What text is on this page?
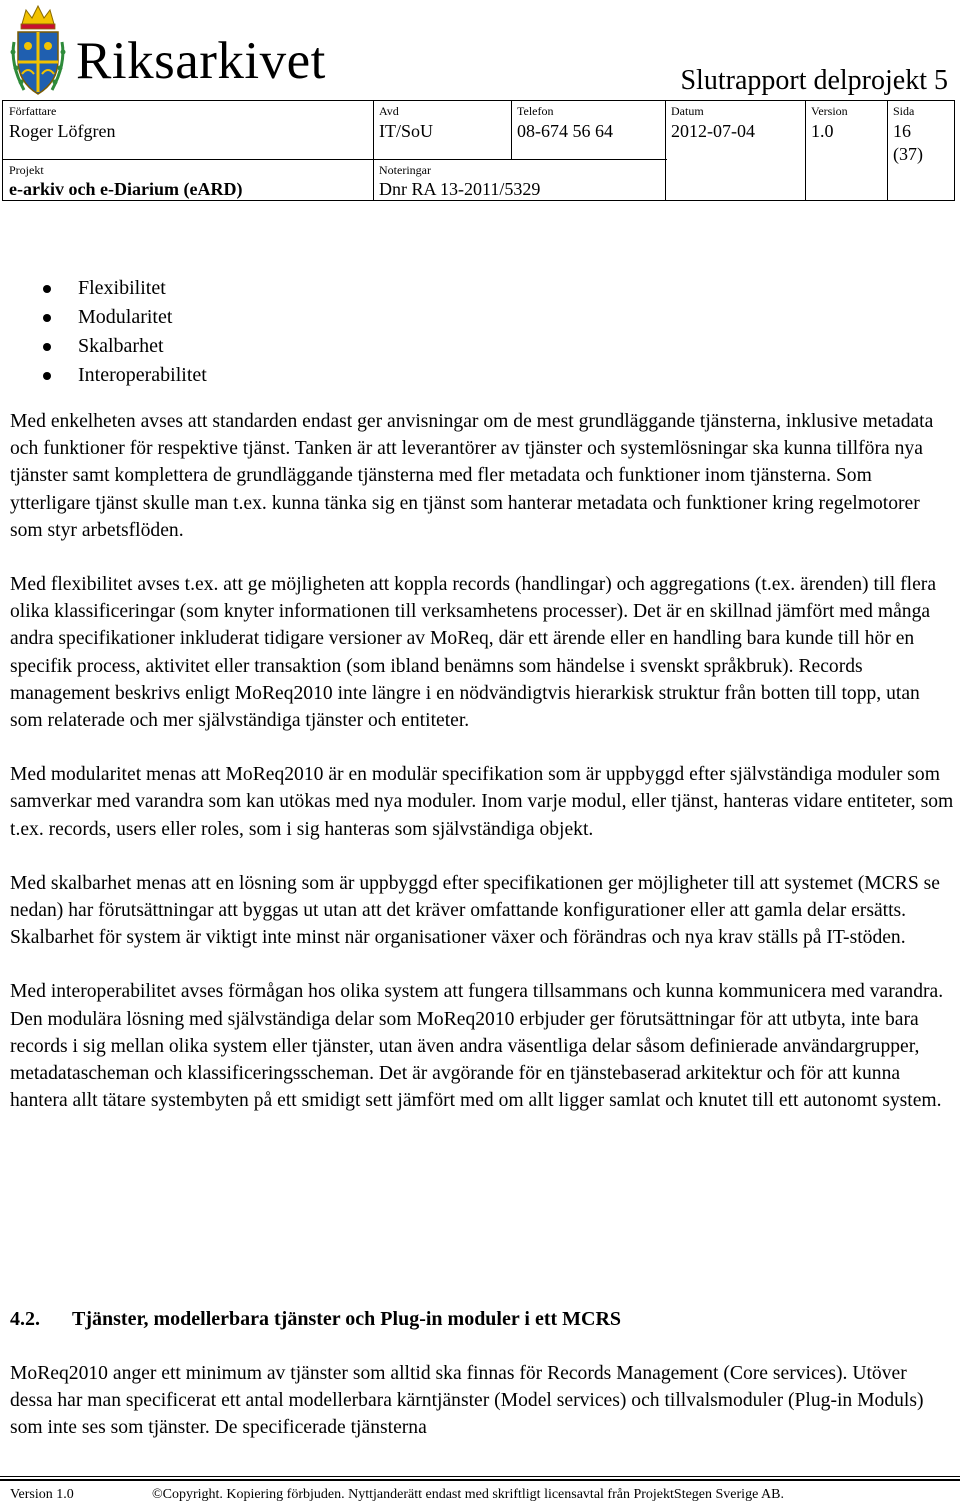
Riksarkivet	Slutrapport delprojekt 5
Författare
Roger Löfgren
Avd
IT/SoU
Telefon
08-674 56 64
Datum
2012-07-04
Version
1.0
Sida
16
(37)
Projekt
e-arkiv och e-Diarium (eARD)
Noteringar
Dnr RA 13-2011/5329
Flexibilitet
Modularitet
Skalbarhet
Interoperabilitet

Med enkelheten avses att standarden endast ger anvisningar om de mest grundläggande tjänsterna, inklusive metadata och funktioner för respektive tjänst. Tanken är att leverantörer av tjänster och systemlösningar ska kunna tillföra nya tjänster samt komplettera de grundläggande tjänsterna med fler metadata och funktioner inom tjänsterna. Som ytterligare tjänst skulle man t.ex. kunna tänka sig en tjänst som hanterar metadata och funktioner kring regelmotorer som styr arbetsflöden.

Med flexibilitet avses t.ex. att ge möjligheten att koppla records (handlingar) och aggregations (t.ex. ärenden) till flera olika klassificeringar (som knyter informationen till verksamhetens processer). Det är en skillnad jämfört med många andra specifikationer inkluderat tidigare versioner av MoReq, där ett ärende eller en handling bara kunde till hör en specifik process, aktivitet eller transaktion (som ibland benämns som händelse i svenskt språkbruk). Records management beskrivs enligt MoReq2010 inte längre i en nödvändigtvis hierarkisk struktur från botten till topp, utan som relaterade och mer självständiga tjänster och entiteter.

Med modularitet menas att MoReq2010 är en modulär specifikation som är uppbyggd efter självständiga moduler som samverkar med varandra som kan utökas med nya moduler. Inom varje modul, eller tjänst, hanteras vidare entiteter, som t.ex. records, users eller roles, som i sig hanteras som självständiga objekt.

Med skalbarhet menas att en lösning som är uppbyggd efter specifikationen ger möjligheter till att systemet (MCRS se nedan) har förutsättningar att byggas ut utan att det kräver omfattande konfigurationer eller att gamla delar ersätts. Skalbarhet för system är viktigt inte minst när organisationer växer och förändras och nya krav ställs på IT-stöden.

Med interoperabilitet avses förmågan hos olika system att fungera tillsammans och kunna kommunicera med varandra. Den modulära lösning med självständiga delar som MoReq2010 erbjuder ger förutsättningar för att utbyta, inte bara records i sig mellan olika system eller tjänster, utan även andra väsentliga delar såsom definierade användargrupper, metadatascheman och klassificeringsscheman. Det är avgörande för en tjänstebaserad arkitektur och för att kunna hantera allt tätare systembyten på ett smidigt sett jämfört med om allt ligger samlat och knutet till ett autonomt system.

4.2. Tjänster, modellerbara tjänster och Plug-in moduler i ett MCRS

MoReq2010 anger ett minimum av tjänster som alltid ska finnas för Records Management (Core services). Utöver dessa har man specificerat ett antal modellerbara kärntjänster (Model services) och tillvalsmoduler (Plug-in Moduls) som inte ses som tjänster. De specificerade tjänsterna

Version 1.0	©Copyright. Kopiering förbjuden. Nyttjanderätt endast med skriftligt licensavtal från ProjektStegen Sverige AB.
